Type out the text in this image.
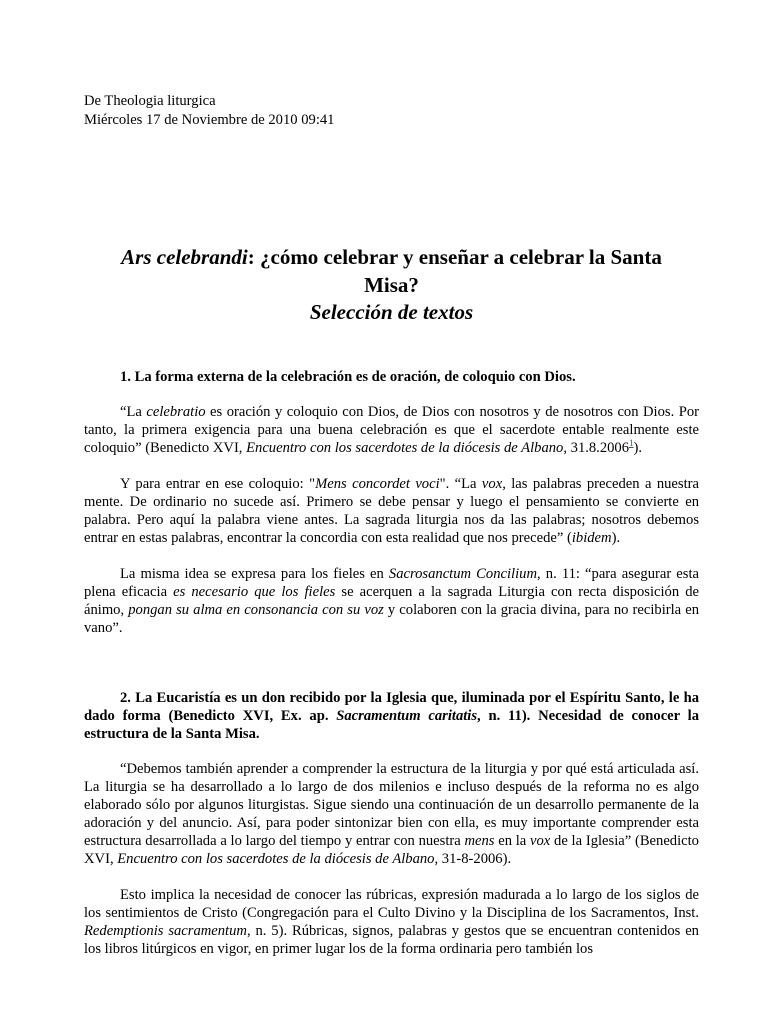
De Theologia liturgica

Miércoles 17 de Noviembre de 2010 09:41

Ars celebrandi: ¿cómo celebrar y enseñar a celebrar la Santa

Misa?

Selección de textos

1. La forma externa de la celebración es de oración, de coloquio con Dios.

“La celebratio es oración y coloquio con Dios, de Dios con nosotros y de nosotros con Dios. Por tanto, la primera exigencia para una buena celebración es que el sacerdote entable realmente este coloquio” (Benedicto XVI, Encuentro con los sacerdotes de la diócesis de Albano, 31.8.2006$^1$).

Y para entrar en ese coloquio: "Mens concordet voci". “La vox, las palabras preceden a nuestra mente. De ordinario no sucede así. Primero se debe pensar y luego el pensamiento se convierte en palabra. Pero aquí la palabra viene antes. La sagrada liturgia nos da las palabras; nosotros debemos entrar en estas palabras, encontrar la concordia con esta realidad que nos precede” (ibidem).

La misma idea se expresa para los fieles en Sacrosanctum Concilium, n. 11: “para asegurar esta plena eficacia es necesario que los fieles se acerquen a la sagrada Liturgia con recta disposición de ánimo, pongan su alma en consonancia con su voz y colaboren con la gracia divina, para no recibirla en vano”.

2. La Eucaristía es un don recibido por la Iglesia que, iluminada por el Espíritu Santo, le ha dado forma (Benedicto XVI, Ex. ap. Sacramentum caritatis, n. 11). Necesidad de conocer la estructura de la Santa Misa.

“Debemos también aprender a comprender la estructura de la liturgia y por qué está articulada así. La liturgia se ha desarrollado a lo largo de dos milenios e incluso después de la reforma no es algo elaborado sólo por algunos liturgistas. Sigue siendo una continuación de un desarrollo permanente de la adoración y del anuncio. Así, para poder sintonizar bien con ella, es muy importante comprender esta estructura desarrollada a lo largo del tiempo y entrar con nuestra mens en la vox de la Iglesia” (Benedicto XVI, Encuentro con los sacerdotes de la diócesis de Albano, 31-8-2006).

Esto implica la necesidad de conocer las rúbricas, expresión madurada a lo largo de los siglos de los sentimientos de Cristo (Congregación para el Culto Divino y la Disciplina de los Sacramentos, Inst. Redemptionis sacramentum, n. 5). Rúbricas, signos, palabras y gestos que se encuentran contenidos en los libros litúrgicos en vigor, en primer lugar los de la forma ordinaria pero también los
